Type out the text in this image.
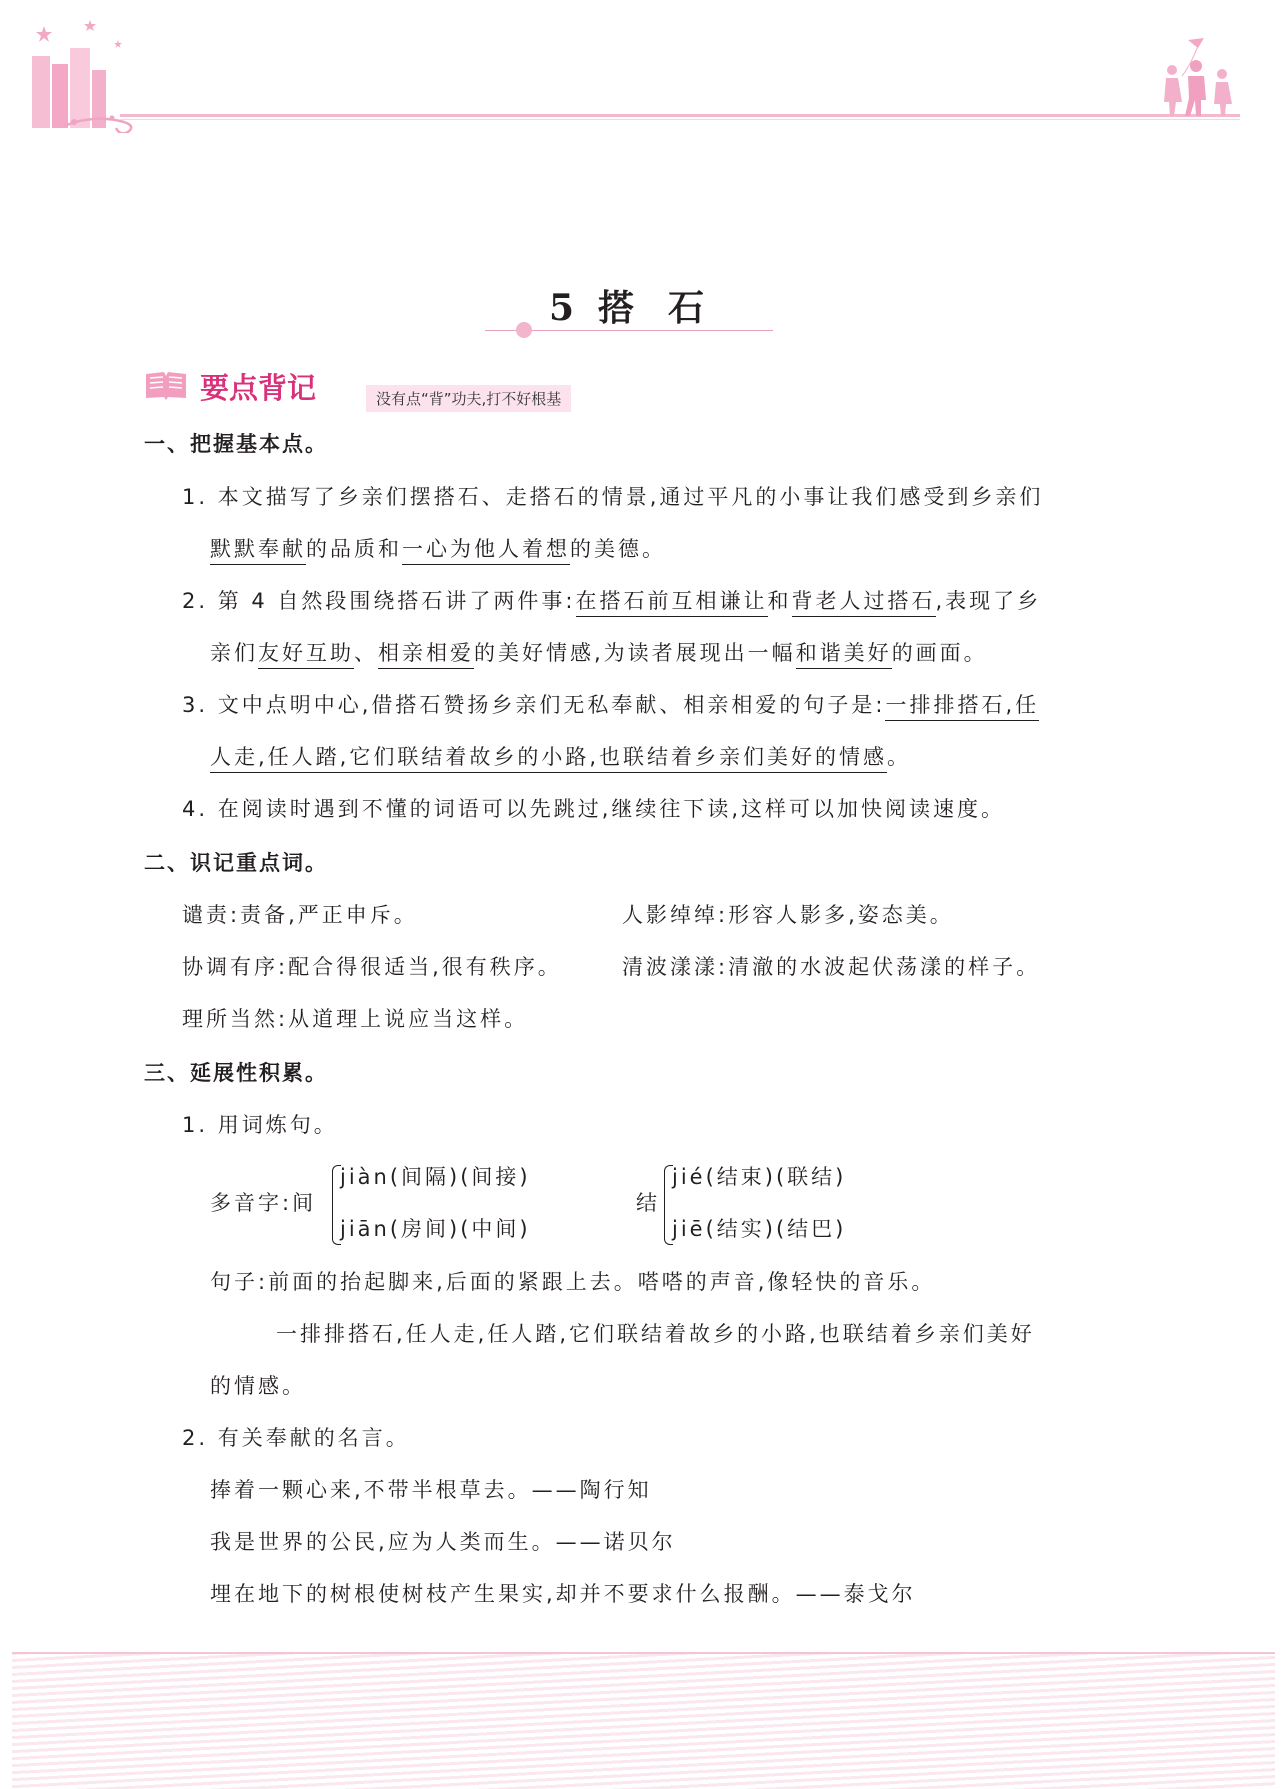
5 搭石
要点背记	没有点“背”功夫,打不好根基
一、把握基本点。
1. 本文描写了乡亲们摆搭石、走搭石的情景,通过平凡的小事让我们感受到乡亲们
默默奉献的品质和一心为他人着想的美德。
2. 第 4 自然段围绕搭石讲了两件事:在搭石前互相谦让和背老人过搭石,表现了乡
亲们友好互助、相亲相爱的美好情感,为读者展现出一幅和谐美好的画面。
3. 文中点明中心,借搭石赞扬乡亲们无私奉献、相亲相爱的句子是:一排排搭石,任
人走,任人踏,它们联结着故乡的小路,也联结着乡亲们美好的情感。
4. 在阅读时遇到不懂的词语可以先跳过,继续往下读,这样可以加快阅读速度。
二、识记重点词。
谴责:责备,严正申斥。	人影绰绰:形容人影多,姿态美。
协调有序:配合得很适当,很有秩序。	清波漾漾:清澈的水波起伏荡漾的样子。
理所当然:从道理上说应当这样。
三、延展性积累。
1. 用词炼句。
多音字:间
jiàn(间隔)(间接)
jiān(房间)(中间)
结
jié(结束)(联结)
jiē(结实)(结巴)
句子:前面的抬起脚来,后面的紧跟上去。嗒嗒的声音,像轻快的音乐。
一排排搭石,任人走,任人踏,它们联结着故乡的小路,也联结着乡亲们美好
的情感。
2. 有关奉献的名言。
捧着一颗心来,不带半根草去。——陶行知
我是世界的公民,应为人类而生。——诺贝尔
埋在地下的树根使树枝产生果实,却并不要求什么报酬。——泰戈尔
